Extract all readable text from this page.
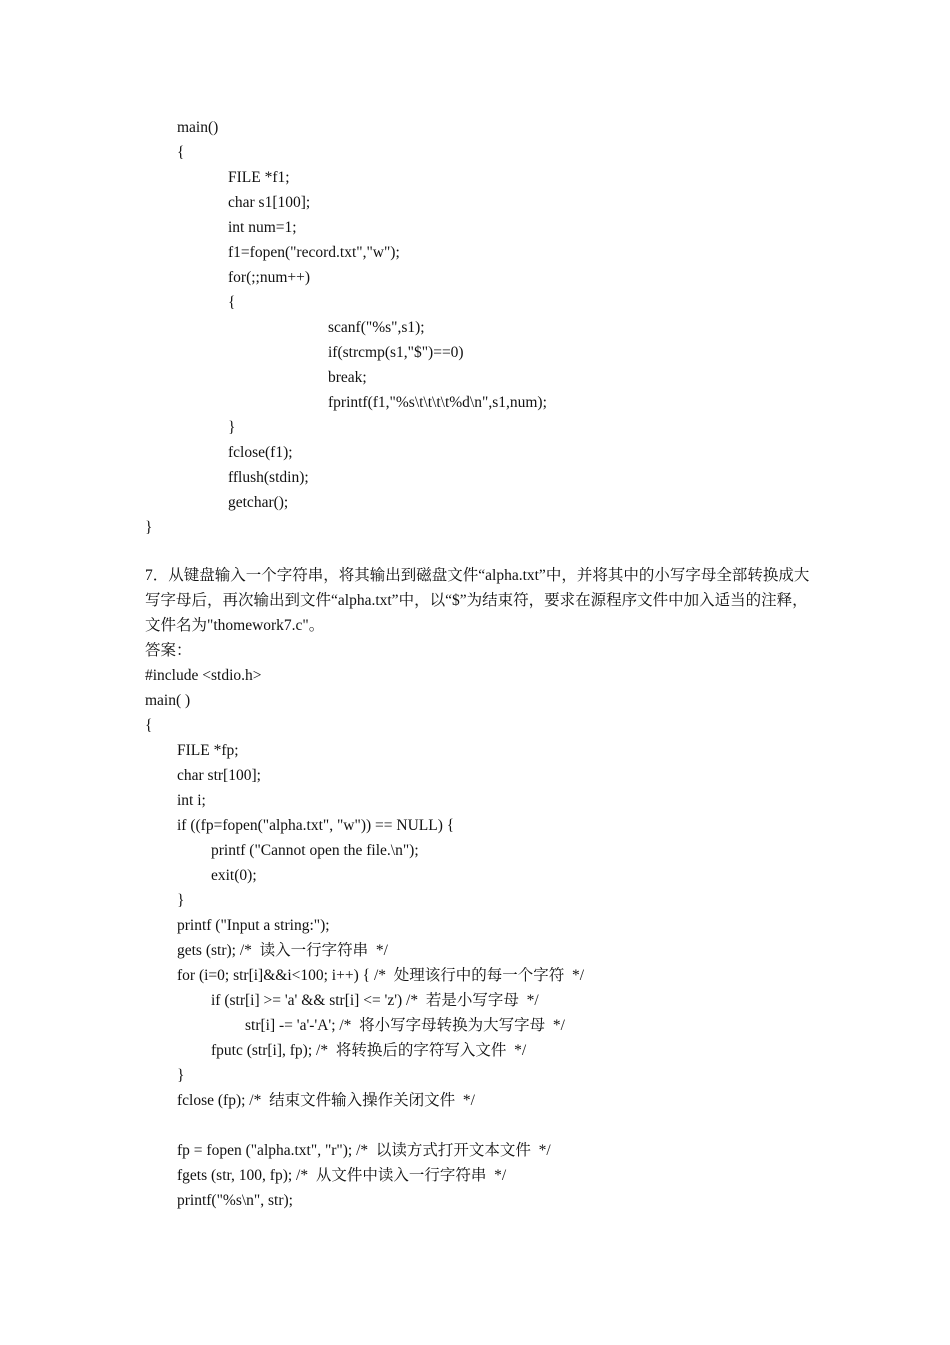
main()
{
FILE *f1;
char s1[100];
int num=1;
f1=fopen("record.txt","w");
for(;;num++)
{
scanf("%s",s1);
if(strcmp(s1,"$")==0)
break;
fprintf(f1,"%s\t\t\t\t%d\n",s1,num);
}
fclose(f1);
fflush(stdin);
getchar();
}
7．从键盘输入一个字符串，将其输出到磁盘文件“alpha.txt”中，并将其中的小写字母全部转换成大写字母后，再次输出到文件“alpha.txt”中，以“$”为结束符，要求在源程序文件中加入适当的注释，文件名为"thomework7.c"。
答案：
#include <stdio.h>
main( )
{
FILE *fp;
char str[100];
int i;
if ((fp=fopen("alpha.txt", "w")) == NULL) {
printf ("Cannot open the file.\n");
exit(0);
}
printf ("Input a string:");
gets (str); /*  读入一行字符串  */
for (i=0; str[i]&&i<100; i++) { /*  处理该行中的每一个字符  */
if (str[i] >= 'a' && str[i] <= 'z') /*  若是小写字母  */
str[i] -= 'a'-'A'; /*  将小写字母转换为大写字母  */
fputc (str[i], fp); /*  将转换后的字符写入文件  */
}
fclose (fp); /*  结束文件输入操作关闭文件  */
fp = fopen ("alpha.txt", "r"); /*  以读方式打开文本文件  */
fgets (str, 100, fp); /*  从文件中读入一行字符串  */
printf("%s\n", str);
